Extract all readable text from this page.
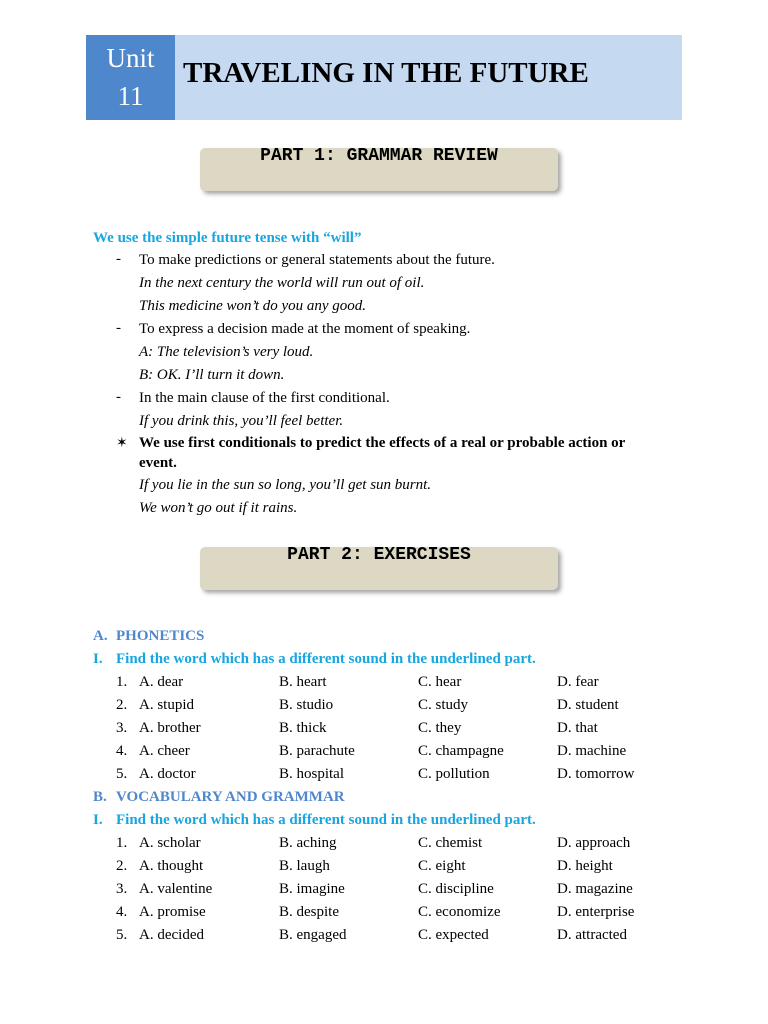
Unit
11
TRAVELING IN THE FUTURE
PART 1: GRAMMAR REVIEW
We use the simple future tense with “will”
- To make predictions or general statements about the future.
In the next century the world will run out of oil.
This medicine won’t do you any good.
- To express a decision made at the moment of speaking.
A: The television’s very loud.
B: OK. I’ll turn it down.
- In the main clause of the first conditional.
If you drink this, you’ll feel better.
✶ We use first conditionals to predict the effects of a real or probable action or
event.
If you lie in the sun so long, you’ll get sun burnt.
We won’t go out if it rains.
PART 2: EXERCISES
A. PHONETICS
I. Find the word which has a different sound in the underlined part.
1. A. dear	B. heart	C. hear	D. fear
2. A. stupid	B. studio	C. study	D. student
3. A. brother	B. thick	C. they	D. that
4. A. cheer	B. parachute	C. champagne	D. machine
5. A. doctor	B. hospital	C. pollution	D. tomorrow
B. VOCABULARY AND GRAMMAR
I. Find the word which has a different sound in the underlined part.
1. A. scholar	B. aching	C. chemist	D. approach
2. A. thought	B. laugh	C. eight	D. height
3. A. valentine	B. imagine	C. discipline	D. magazine
4. A. promise	B. despite	C. economize	D. enterprise
5. A. decided	B. engaged	C. expected	D. attracted
